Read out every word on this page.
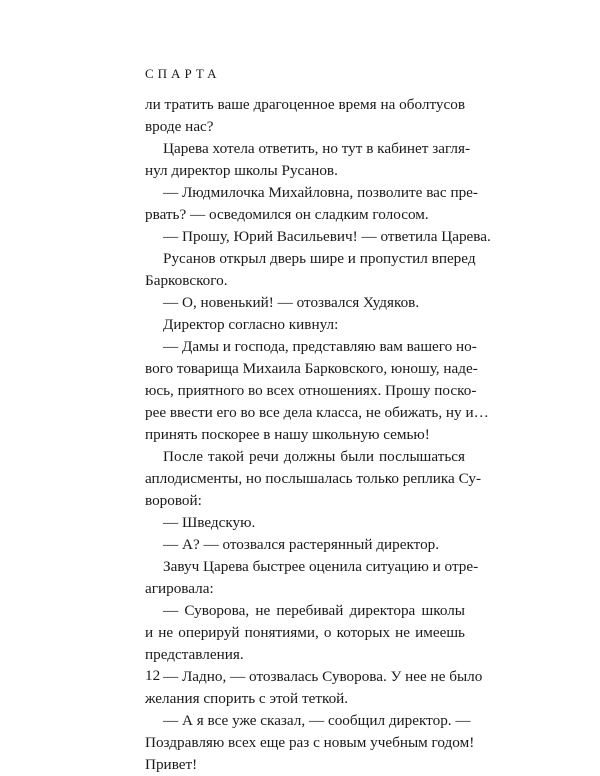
СПАРТА
ли тратить ваше драгоценное время на оболтусов
вроде нас?
Царева хотела ответить, но тут в кабинет загля-
нул директор школы Русанов.
— Людмилочка Михайловна, позволите вас пре-
рвать? — осведомился он сладким голосом.
— Прошу, Юрий Васильевич! — ответила Царева.
Русанов открыл дверь шире и пропустил вперед
Барковского.
— О, новенький! — отозвался Худяков.
Директор согласно кивнул:
— Дамы и господа, представляю вам вашего но-
вого товарища Михаила Барковского, юношу, наде-
юсь, приятного во всех отношениях. Прошу поско-
рее ввести его во все дела класса, не обижать, ну и…
принять поскорее в нашу школьную семью!
После такой речи должны были послышаться
аплодисменты, но послышалась только реплика Су-
воровой:
— Шведскую.
— А? — отозвался растерянный директор.
Завуч Царева быстрее оценила ситуацию и отре-
агировала:
— Суворова, не перебивай директора школы
и не оперируй понятиями, о которых не имеешь
представления.
— Ладно, — отозвалась Суворова. У нее не было
желания спорить с этой теткой.
— А я все уже сказал, — сообщил директор. —
Поздравляю всех еще раз с новым учебным годом!
Привет!
12
